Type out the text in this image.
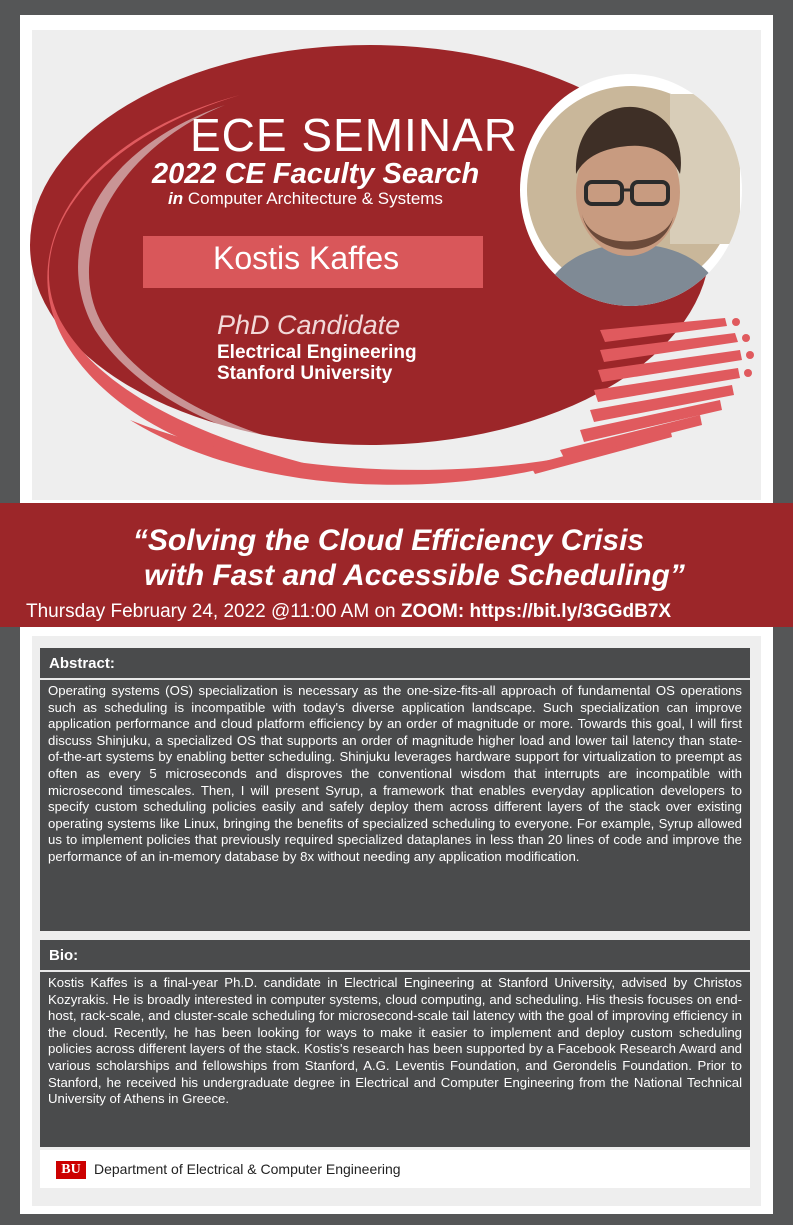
ECE SEMINAR
2022 CE Faculty Search
in Computer Architecture & Systems
Kostis Kaffes
PhD Candidate
Electrical Engineering
Stanford University
“Solving the Cloud Efficiency Crisis
with Fast and Accessible Scheduling”
Thursday February 24, 2022 @11:00 AM on ZOOM: https://bit.ly/3GGdB7X
Abstract:
Operating systems (OS) specialization is necessary as the one-size-fits-all approach of fundamental OS operations such as scheduling is incompatible with today's diverse application landscape. Such specialization can improve application performance and cloud platform efficiency by an order of magnitude or more. Towards this goal, I will first discuss Shinjuku, a specialized OS that supports an order of magnitude higher load and lower tail latency than state-of-the-art systems by enabling better scheduling. Shinjuku leverages hardware support for virtualization to preempt as often as every 5 microseconds and disproves the conventional wisdom that interrupts are incompatible with microsecond timescales. Then, I will present Syrup, a framework that enables everyday application developers to specify custom scheduling policies easily and safely deploy them across different layers of the stack over existing operating systems like Linux, bringing the benefits of specialized scheduling to everyone. For example, Syrup allowed us to implement policies that previously required specialized dataplanes in less than 20 lines of code and improve the performance of an in-memory database by 8x without needing any application modification.
Bio:
Kostis Kaffes is a final-year Ph.D. candidate in Electrical Engineering at Stanford University, advised by Christos Kozyrakis. He is broadly interested in computer systems, cloud computing, and scheduling. His thesis focuses on end-host, rack-scale, and cluster-scale scheduling for microsecond-scale tail latency with the goal of improving efficiency in the cloud. Recently, he has been looking for ways to make it easier to implement and deploy custom scheduling policies across different layers of the stack. Kostis's research has been supported by a Facebook Research Award and various scholarships and fellowships from Stanford, A.G. Leventis Foundation, and Gerondelis Foundation. Prior to Stanford, he received his undergraduate degree in Electrical and Computer Engineering from the National Technical University of Athens in Greece.
BU Department of Electrical & Computer Engineering
